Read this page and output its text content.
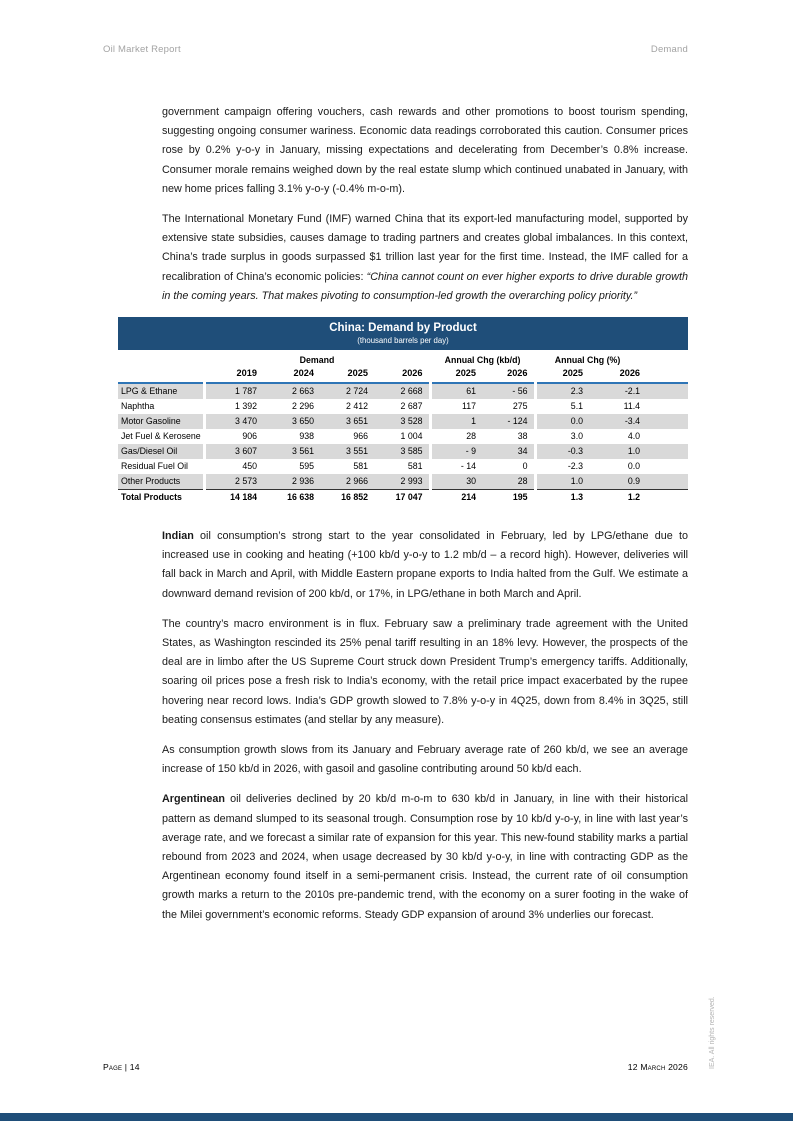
Oil Market Report	Demand

government campaign offering vouchers, cash rewards and other promotions to boost tourism spending, suggesting ongoing consumer wariness. Economic data readings corroborated this caution. Consumer prices rose by 0.2% y-o-y in January, missing expectations and decelerating from December’s 0.8% increase. Consumer morale remains weighed down by the real estate slump which continued unabated in January, with new home prices falling 3.1% y-o-y (-0.4% m-o-m).

The International Monetary Fund (IMF) warned China that its export-led manufacturing model, supported by extensive state subsidies, causes damage to trading partners and creates global imbalances. In this context, China’s trade surplus in goods surpassed $1 trillion last year for the first time. Instead, the IMF called for a recalibration of China’s economic policies: “China cannot count on ever higher exports to drive durable growth in the coming years. That makes pivoting to consumption-led growth the overarching policy priority.”

China: Demand by Product
(thousand barrels per day)
	Demand				Annual Chg (kb/d)		Annual Chg (%)	
	2019	2024	2025	2026	2025	2026	2025	2026
LPG & Ethane	1 787	2 663	2 724	2 668	61	- 56	2.3	-2.1
Naphtha	1 392	2 296	2 412	2 687	117	275	5.1	11.4
Motor Gasoline	3 470	3 650	3 651	3 528	1	- 124	0.0	-3.4
Jet Fuel & Kerosene	906	938	966	1 004	28	38	3.0	4.0
Gas/Diesel Oil	3 607	3 561	3 551	3 585	- 9	34	-0.3	1.0
Residual Fuel Oil	450	595	581	581	- 14	0	-2.3	0.0
Other Products	2 573	2 936	2 966	2 993	30	28	1.0	0.9
Total Products	14 184	16 638	16 852	17 047	214	195	1.3	1.2

Indian oil consumption’s strong start to the year consolidated in February, led by LPG/ethane due to increased use in cooking and heating (+100 kb/d y-o-y to 1.2 mb/d – a record high). However, deliveries will fall back in March and April, with Middle Eastern propane exports to India halted from the Gulf. We estimate a downward demand revision of 200 kb/d, or 17%, in LPG/ethane in both March and April.

The country’s macro environment is in flux. February saw a preliminary trade agreement with the United States, as Washington rescinded its 25% penal tariff resulting in an 18% levy. However, the prospects of the deal are in limbo after the US Supreme Court struck down President Trump’s emergency tariffs. Additionally, soaring oil prices pose a fresh risk to India’s economy, with the retail price impact exacerbated by the rupee hovering near record lows. India’s GDP growth slowed to 7.8% y-o-y in 4Q25, down from 8.4% in 3Q25, still beating consensus estimates (and stellar by any measure).

As consumption growth slows from its January and February average rate of 260 kb/d, we see an average increase of 150 kb/d in 2026, with gasoil and gasoline contributing around 50 kb/d each.

Argentinean oil deliveries declined by 20 kb/d m-o-m to 630 kb/d in January, in line with their historical pattern as demand slumped to its seasonal trough. Consumption rose by 10 kb/d y-o-y, in line with last year’s average rate, and we forecast a similar rate of expansion for this year. This new-found stability marks a partial rebound from 2023 and 2024, when usage decreased by 30 kb/d y-o-y, in line with contracting GDP as the Argentinean economy found itself in a semi-permanent crisis. Instead, the current rate of oil consumption growth marks a return to the 2010s pre-pandemic trend, with the economy on a surer footing in the wake of the Milei government’s economic reforms. Steady GDP expansion of around 3% underlies our forecast.

IEA. All rights reserved.
Page | 14	12 March 2026
